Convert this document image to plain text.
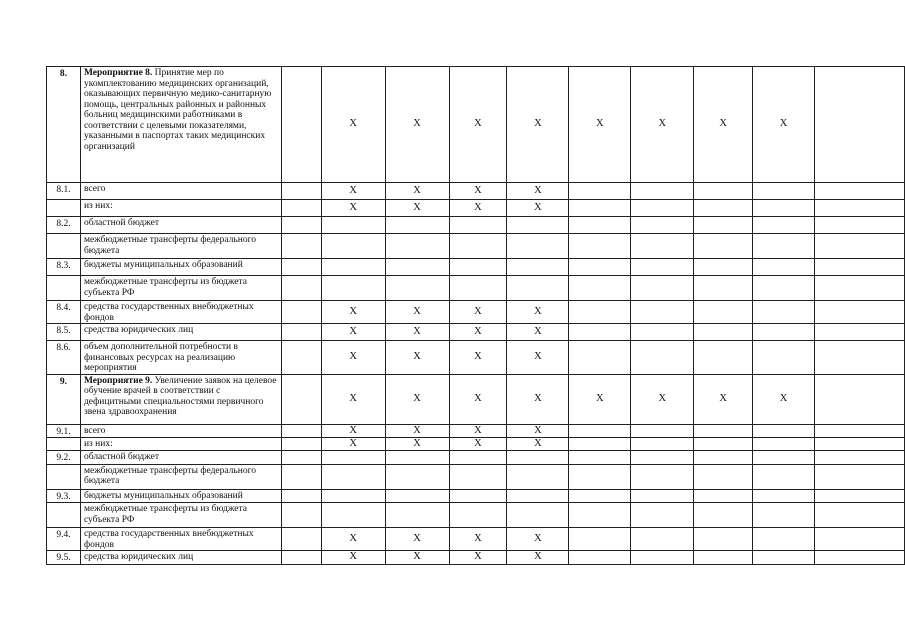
8.	Мероприятие 8. Принятие мер по укомплектованию медицинских организаций, оказывающих первичную медико-санитарную помощь, центральных районных и районных больниц медицинскими работниками в соответствии с целевыми показателями, указанными в паспортах таких медицинских организаций		X	X	X	X	X	X	X	X	
8.1.	всего		X	X	X	X					
	из них:		X	X	X	X					
8.2.	областной бюджет										
	межбюджетные трансферты федерального бюджета										
8.3.	бюджеты муниципальных образований										
	межбюджетные трансферты из бюджета субъекта РФ										
8.4.	средства государственных внебюджетных фондов		X	X	X	X					
8.5.	средства юридических лиц		X	X	X	X					
8.6.	объем дополнительной потребности в финансовых ресурсах на реализацию мероприятия		X	X	X	X					
9.	Мероприятие 9. Увеличение заявок на целевое обучение врачей в соответствии с дефицитными специальностями первичного звена здравоохранения		X	X	X	X	X	X	X	X	
9.1.	всего		X	X	X	X					
	из них:		X	X	X	X					
9.2.	областной бюджет										
	межбюджетные трансферты федерального бюджета										
9.3.	бюджеты муниципальных образований										
	межбюджетные трансферты из бюджета субъекта РФ										
9.4.	средства государственных внебюджетных фондов		X	X	X	X					
9.5.	средства юридических лиц		X	X	X	X					
